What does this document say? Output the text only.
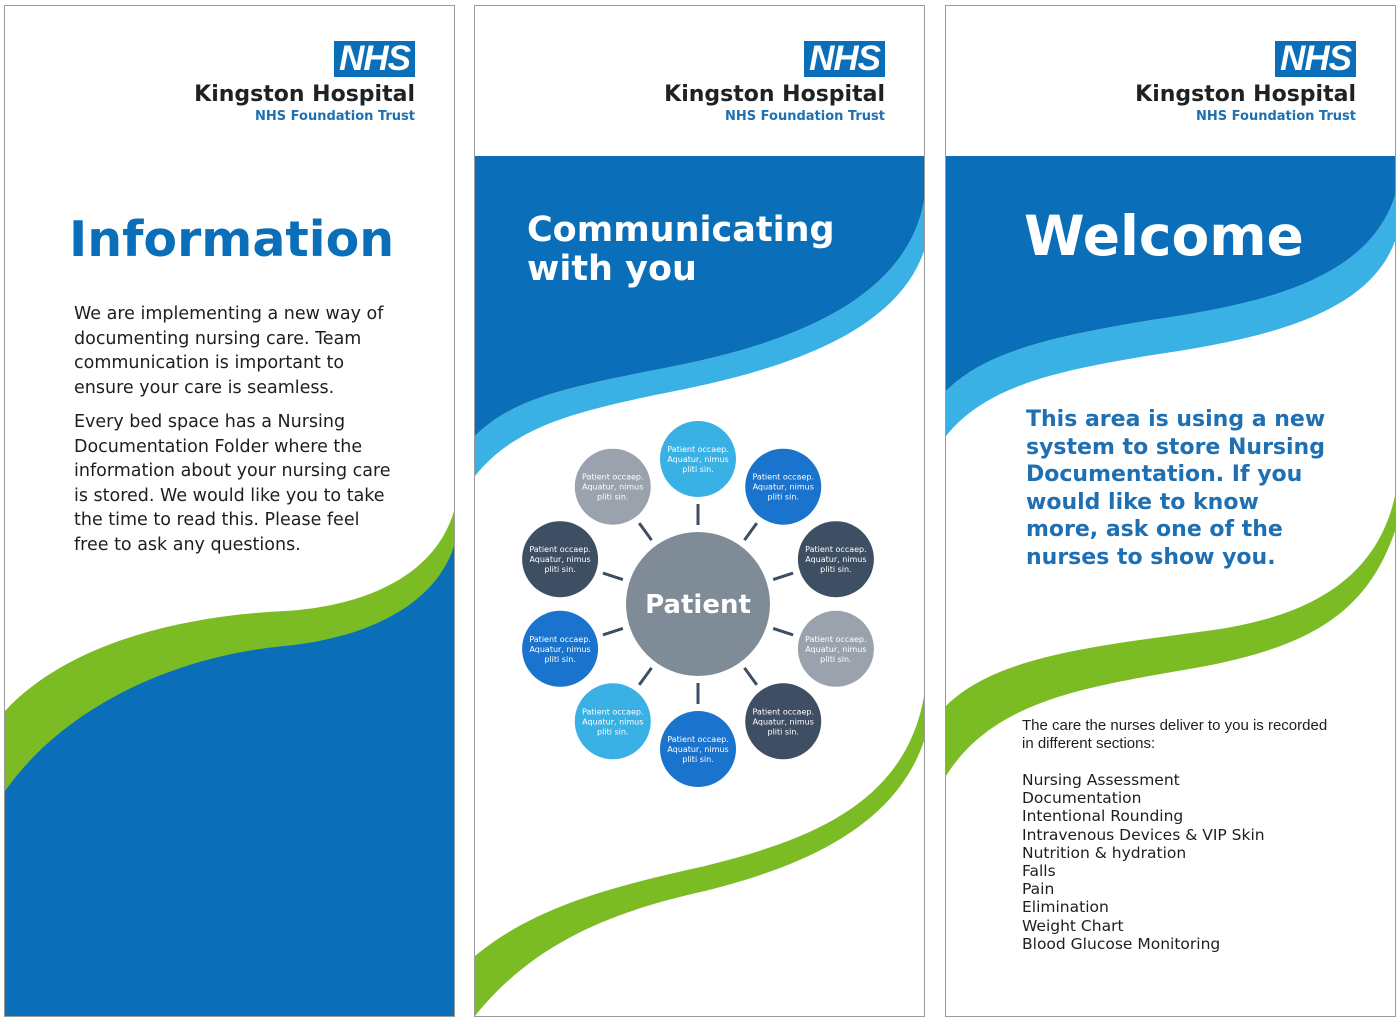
NHS
Kingston Hospital
NHS Foundation Trust
Information

We are implementing a new way of documenting nursing care. Team communication is important to ensure your care is seamless.

Every bed space has a Nursing Documentation Folder where the information about your nursing care is stored. We would like you to take the time to read this. Please feel free to ask any questions.

NHS
Kingston Hospital
NHS Foundation Trust
Communicating
with you
Patient
Patient occaep.
Aquatur, nimus
pliti sin.
Patient occaep.
Aquatur, nimus
pliti sin.
Patient occaep.
Aquatur, nimus
pliti sin.
Patient occaep.
Aquatur, nimus
pliti sin.
Patient occaep.
Aquatur, nimus
pliti sin.
Patient occaep.
Aquatur, nimus
pliti sin.
Patient occaep.
Aquatur, nimus
pliti sin.
Patient occaep.
Aquatur, nimus
pliti sin.
Patient occaep.
Aquatur, nimus
pliti sin.
Patient occaep.
Aquatur, nimus
pliti sin.
NHS
Kingston Hospital
NHS Foundation Trust
Welcome
This area is using a new system to store Nursing Documentation. If you would like to know more, ask one of the nurses to show you.
The care the nurses deliver to you is recorded in different sections:
Nursing Assessment
Documentation
Intentional Rounding
Intravenous Devices & VIP Skin
Nutrition & hydration
Falls
Pain
Elimination
Weight Chart
Blood Glucose Monitoring
